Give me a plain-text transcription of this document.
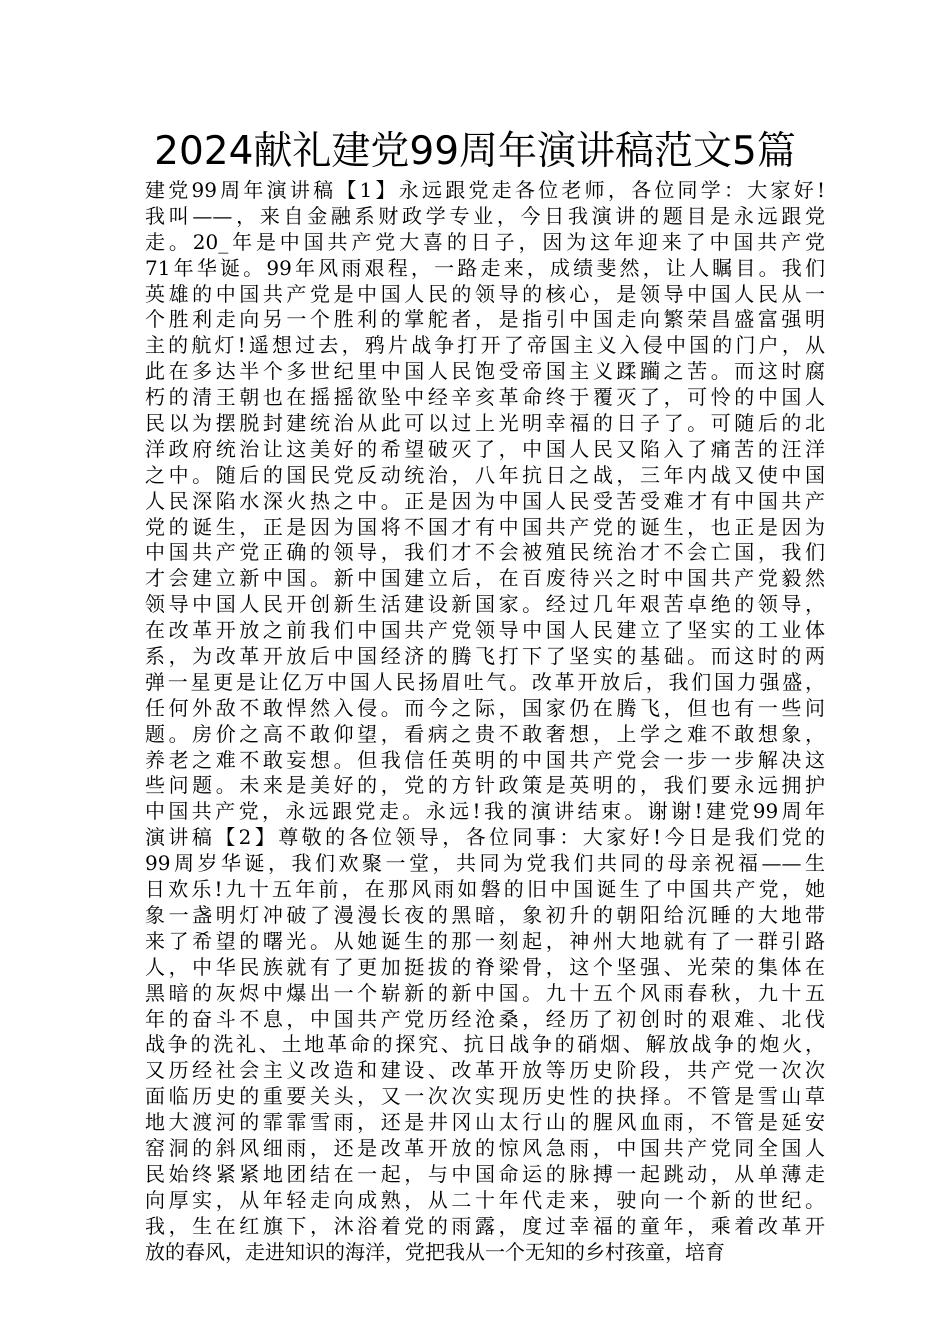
2024献礼建党99周年演讲稿范文5篇
建党99周年演讲稿【1】永远跟党走各位老师，各位同学：大家好!
我叫——，来自金融系财政学专业，今日我演讲的题目是永远跟党
走。20_年是中国共产党大喜的日子，因为这年迎来了中国共产党
71年华诞。99年风雨艰程，一路走来，成绩斐然，让人瞩目。我们
英雄的中国共产党是中国人民的领导的核心，是领导中国人民从一
个胜利走向另一个胜利的掌舵者，是指引中国走向繁荣昌盛富强明
主的航灯!遥想过去，鸦片战争打开了帝国主义入侵中国的门户，从
此在多达半个多世纪里中国人民饱受帝国主义蹂躏之苦。而这时腐
朽的清王朝也在摇摇欲坠中经辛亥革命终于覆灭了，可怜的中国人
民以为摆脱封建统治从此可以过上光明幸福的日子了。可随后的北
洋政府统治让这美好的希望破灭了，中国人民又陷入了痛苦的汪洋
之中。随后的国民党反动统治，八年抗日之战，三年内战又使中国
人民深陷水深火热之中。正是因为中国人民受苦受难才有中国共产
党的诞生，正是因为国将不国才有中国共产党的诞生，也正是因为
中国共产党正确的领导，我们才不会被殖民统治才不会亡国，我们
才会建立新中国。新中国建立后，在百废待兴之时中国共产党毅然
领导中国人民开创新生活建设新国家。经过几年艰苦卓绝的领导，
在改革开放之前我们中国共产党领导中国人民建立了坚实的工业体
系，为改革开放后中国经济的腾飞打下了坚实的基础。而这时的两
弹一星更是让亿万中国人民扬眉吐气。改革开放后，我们国力强盛，
任何外敌不敢悍然入侵。而今之际，国家仍在腾飞，但也有一些问
题。房价之高不敢仰望，看病之贵不敢奢想，上学之难不敢想象，
养老之难不敢妄想。但我信任英明的中国共产党会一步一步解决这
些问题。未来是美好的，党的方针政策是英明的，我们要永远拥护
中国共产党，永远跟党走。永远!我的演讲结束。谢谢!建党99周年
演讲稿【2】尊敬的各位领导，各位同事：大家好!今日是我们党的
99周岁华诞，我们欢聚一堂，共同为党我们共同的母亲祝福——生
日欢乐!九十五年前，在那风雨如磐的旧中国诞生了中国共产党，她
象一盏明灯冲破了漫漫长夜的黑暗，象初升的朝阳给沉睡的大地带
来了希望的曙光。从她诞生的那一刻起，神州大地就有了一群引路
人，中华民族就有了更加挺拔的脊梁骨，这个坚强、光荣的集体在
黑暗的灰烬中爆出一个崭新的新中国。九十五个风雨春秋，九十五
年的奋斗不息，中国共产党历经沧桑，经历了初创时的艰难、北伐
战争的洗礼、土地革命的探究、抗日战争的硝烟、解放战争的炮火，
又历经社会主义改造和建设、改革开放等历史阶段，共产党一次次
面临历史的重要关头，又一次次实现历史性的抉择。不管是雪山草
地大渡河的霏霏雪雨，还是井冈山太行山的腥风血雨，不管是延安
窑洞的斜风细雨，还是改革开放的惊风急雨，中国共产党同全国人
民始终紧紧地团结在一起，与中国命运的脉搏一起跳动，从单薄走
向厚实，从年轻走向成熟，从二十年代走来，驶向一个新的世纪。
我，生在红旗下，沐浴着党的雨露，度过幸福的童年，乘着改革开
放的春风，走进知识的海洋，党把我从一个无知的乡村孩童，培育
